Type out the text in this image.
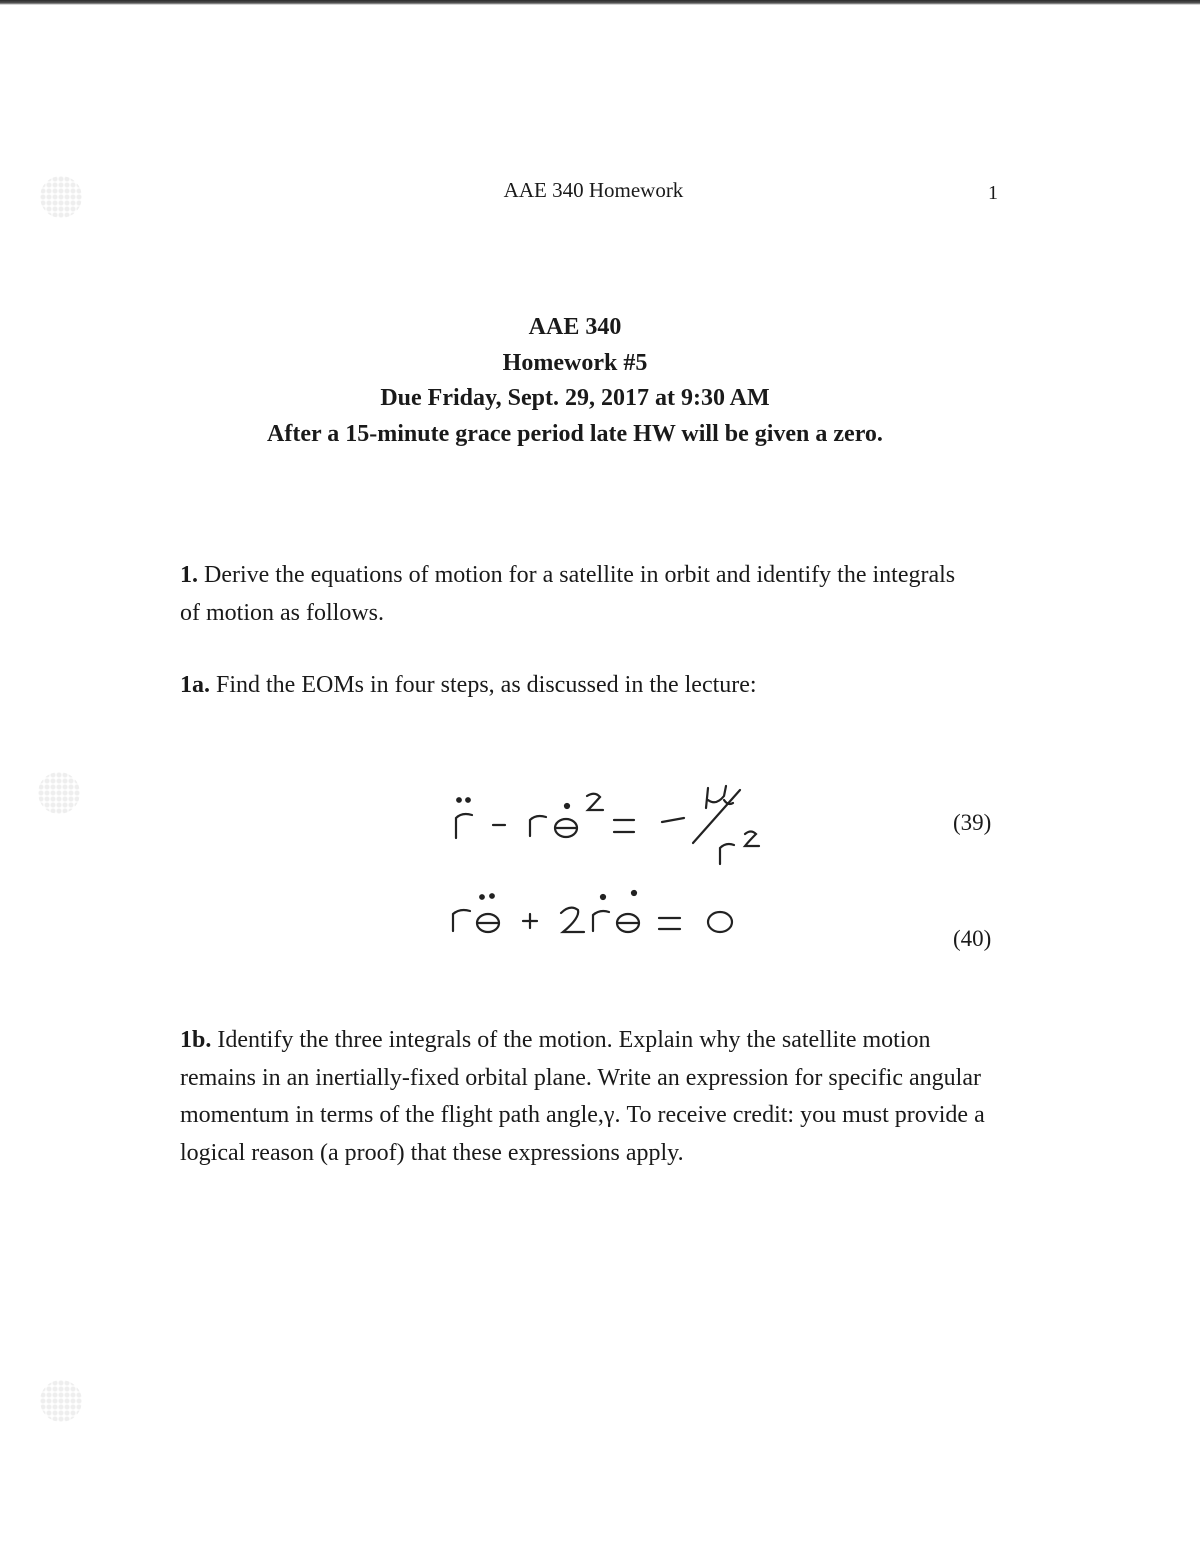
AAE 340 Homework	1
AAE 340
Homework #5
Due Friday, Sept. 29, 2017 at 9:30 AM
After a 15-minute grace period late HW will be given a zero.
1. Derive the equations of motion for a satellite in orbit and identify the integrals of motion as follows.
1a. Find the EOMs in four steps, as discussed in the lecture:
(39)
(40)
1b. Identify the three integrals of the motion. Explain why the satellite motion remains in an inertially-fixed orbital plane. Write an expression for specific angular momentum in terms of the flight path angle,γ. To receive credit: you must provide a logical reason (a proof) that these expressions apply.
